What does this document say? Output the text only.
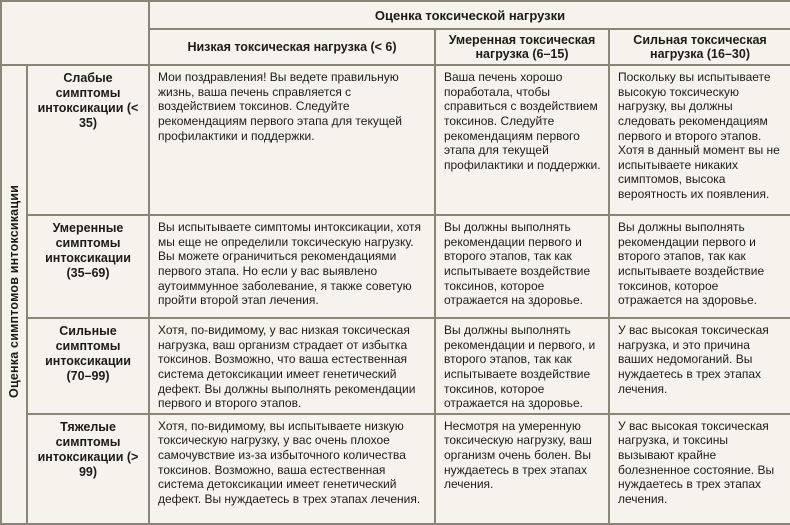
		Оценка токсической нагрузки		
		Низкая токсическая нагрузка (< 6)	Умеренная токсическая нагрузка (6–15)	Сильная токсическая нагрузка (16–30)
Оценка симптомов интоксикации	Слабые симптомы интоксикации (< 35)	Мои поздравления! Вы ведете правильную жизнь, ваша печень справляется с воздействием токсинов. Следуйте рекомендациям первого этапа для текущей профилактики и поддержки.	Ваша печень хорошо поработала, чтобы справиться с воздействием токсинов. Следуйте рекомендациям первого этапа для текущей профилактики и поддержки.	Поскольку вы испытываете высокую токсическую нагрузку, вы должны следовать рекомендациям первого и второго этапов. Хотя в данный момент вы не испытываете никаких симптомов, высока вероятность их появления.
	Умеренные симптомы интоксикации (35–69)	Вы испытываете симптомы интоксикации, хотя мы еще не определили токсическую нагрузку. Вы можете ограничиться рекомендациями первого этапа. Но если у вас выявлено аутоиммунное заболевание, я также советую пройти второй этап лечения.	Вы должны выполнять рекомендации первого и второго этапов, так как испытываете воздействие токсинов, которое отражается на здоровье.	Вы должны выполнять рекомендации первого и второго этапов, так как испытываете воздействие токсинов, которое отражается на здоровье.
	Сильные симптомы интоксикации (70–99)	Хотя, по-видимому, у вас низкая токсическая нагрузка, ваш организм страдает от избытка токсинов. Возможно, что ваша естественная система детоксикации имеет генетический дефект. Вы должны выполнять рекомендации первого и второго этапов.	Вы должны выполнять рекомендации и первого, и второго этапов, так как испытываете воздействие токсинов, которое отражается на здоровье.	У вас высокая токсическая нагрузка, и это причина ваших недомоганий. Вы нуждаетесь в трех этапах лечения.
	Тяжелые симптомы интоксикации (> 99)	Хотя, по-видимому, вы испытываете низкую токсическую нагрузку, у вас очень плохое самочувствие из-за избыточного количества токсинов. Возможно, ваша естественная система детоксикации имеет генетический дефект. Вы нуждаетесь в трех этапах лечения.	Несмотря на умеренную токсическую нагрузку, ваш организм очень болен. Вы нуждаетесь в трех этапах лечения.	У вас высокая токсическая нагрузка, и токсины вызывают крайне болезненное состояние. Вы нуждаетесь в трех этапах лечения.
